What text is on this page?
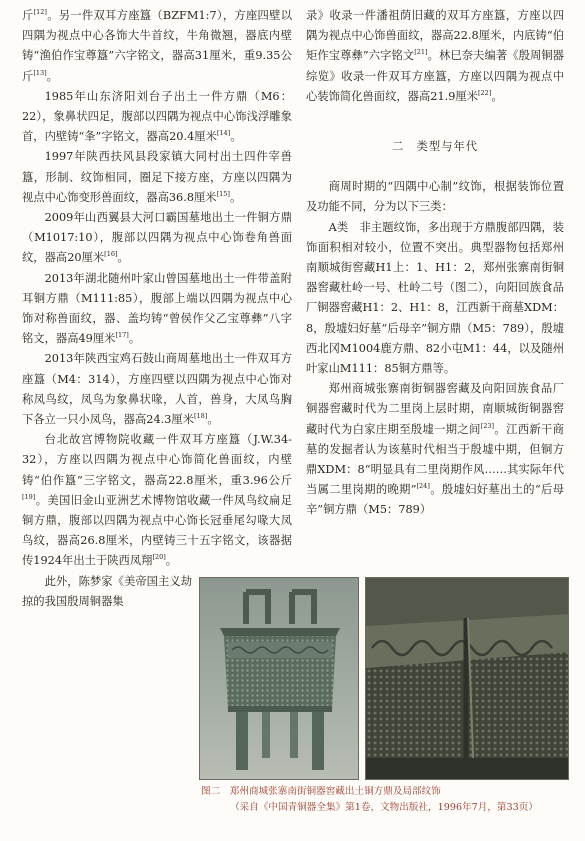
斤[12]。另一件双耳方座簋（BZFM1:7），方座四壁以四隅为视点中心各饰大牛首纹，牛角微翘，器底内壁铸“渔伯作宝尊簋”六字铭文，器高31厘米，重9.35公斤[13]。

1985年山东济阳刘台子出土一件方鼎（M6：22），象鼻状四足，腹部以四隅为视点中心饰浅浮雕象首，内壁铸“夆”字铭文，器高20.4厘米[14]。

1997年陕西扶风县段家镇大同村出土四件宰兽簋，形制、纹饰相同，圈足下接方座，方座以四隅为视点中心饰变形兽面纹，器高36.8厘米[15]。

2009年山西翼县大河口霸国墓地出土一件铜方鼎（M1017:10），腹部以四隅为视点中心饰卷角兽面纹，器高20厘米[16]。

2013年湖北随州叶家山曾国墓地出土一件带盖附耳铜方鼎（M111:85），腹部上端以四隅为视点中心饰对称兽面纹，器、盖均铸“曾侯作父乙宝尊彝”八字铭文，器高49厘米[17]。

2013年陕西宝鸡石鼓山商周墓地出土一件双耳方座簋（M4：314），方座四壁以四隅为视点中心饰对称凤鸟纹，凤鸟为象鼻状喙，人首，兽身，大凤鸟胸下各立一只小凤鸟，器高24.3厘米[18]。

台北故宫博物院收藏一件双耳方座簋（J.W.34-32），方座以四隅为视点中心饰简化兽面纹，内壁铸“伯作簋”三字铭文，器高22.8厘米，重3.96公斤[19]。美国旧金山亚洲艺术博物馆收藏一件凤鸟纹扁足铜方鼎，腹部以四隅为视点中心饰长冠垂尾勾喙大凤鸟纹，器高26.8厘米，内壁铸三十五字铭文，该器据传1924年出土于陕西凤翔[20]。

此外，陈梦家《美帝国主义劫掠的我国殷周铜器集

录》收录一件潘祖荫旧藏的双耳方座簋，方座以四隅为视点中心饰兽面纹，器高22.8厘米，内底铸“伯矩作宝尊彝”六字铭文[21]。林巳奈夫编著《殷周铜器综览》收录一件双耳方座簋，方座以四隅为视点中心装饰简化兽面纹，器高21.9厘米[22]。

二　类型与年代

商周时期的“四隅中心制”纹饰，根据装饰位置及功能不同，分为以下三类：

A类　非主题纹饰，多出现于方鼎腹部四隅，装饰面积相对较小，位置不突出。典型器物包括郑州南顺城街窖藏H1上：1、H1：2，郑州张寨南街铜器窖藏杜岭一号、杜岭二号（图二），向阳回族食品厂铜器窖藏H1：2、H1：8，江西新干商墓XDM：8，殷墟妇好墓“后母辛”铜方鼎（M5：789），殷墟西北冈M1004鹿方鼎、82小屯M1：44，以及随州叶家山M111：85铜方鼎等。

郑州商城张寨南街铜器窖藏及向阳回族食品厂铜器窖藏时代为二里岗上层时期，南顺城街铜器窖藏时代为白家庄期至殷墟一期之间[23]。江西新干商墓的发掘者认为该墓时代相当于殷墟中期，但铜方鼎XDM：8“明显具有二里岗期作风……其实际年代当属二里岗期的晚期”[24]。殷墟妇好墓出土的“后母辛”铜方鼎（M5：789）

图二　郑州商城张寨南街铜器窖藏出土铜方鼎及局部纹饰
（采自《中国青铜器全集》第1卷，文物出版社，1996年7月，第33页）
